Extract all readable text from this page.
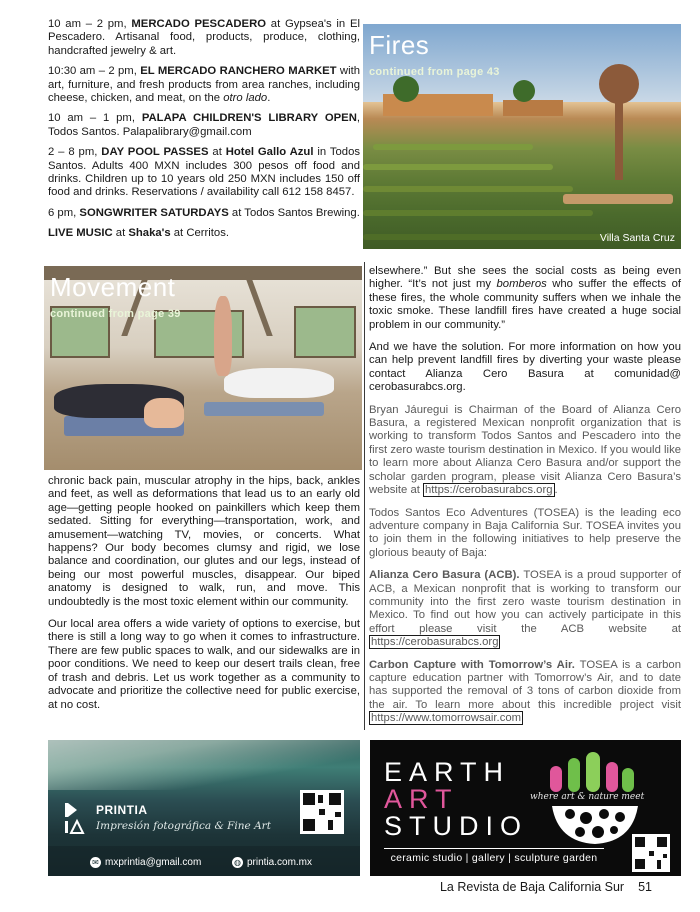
10 am – 2 pm, MERCADO PESCADERO at Gypsea's in El Pescadero. Artisanal food, products, produce, clothing, handcrafted jewelry & art.

10:30 am – 2 pm, EL MERCADO RANCHERO MARKET with art, furniture, and fresh products from area ranches, including cheese, chicken, and meat, on the otro lado.

10 am – 1 pm, PALAPA CHILDREN'S LIBRARY OPEN, Todos Santos. Palapalibrary@gmail.com

2 – 8 pm, DAY POOL PASSES at Hotel Gallo Azul in Todos Santos. Adults 400 MXN includes 300 pesos off food and drinks. Children up to 10 years old 250 MXN includes 150 off food and drinks. Reservations / availability call 612 158 8457.

6 pm, SONGWRITER SATURDAYS at Todos Santos Brewing.

LIVE MUSIC at Shaka's at Cerritos.

Fires
continued from page 43
Villa Santa Cruz
Movement
continued from page 39

chronic back pain, muscular atrophy in the hips, back, ankles and feet, as well as deformations that lead us to an early old age—getting people hooked on painkillers which keep them sedated. Sitting for everything—transportation, work, and amusement—watching TV, movies, or concerts. What happens? Our body becomes clumsy and rigid, we lose balance and coordination, our glutes and our legs, instead of being our most powerful muscles, disappear. Our biped anatomy is designed to walk, run, and move. This undoubtedly is the most toxic element within our community.

Our local area offers a wide variety of options to exercise, but there is still a long way to go when it comes to infrastructure. There are few public spaces to walk, and our sidewalks are in poor conditions. We need to keep our desert trails clean, free of trash and debris. Let us work together as a community to advocate and prioritize the collective need for public exercise, at no cost.

elsewhere.” But she sees the social costs as being even higher. “It’s not just my bomberos who suffer the effects of these fires, the whole community suffers when we inhale the toxic smoke. These landfill fires have created a huge social problem in our community.”

And we have the solution. For more information on how you can help prevent landfill fires by diverting your waste please contact Alianza Cero Basura at comunidad@ cerobasurabcs.org.

Bryan Jáuregui is Chairman of the Board of Alianza Cero Basura, a registered Mexican nonprofit organization that is working to transform Todos Santos and Pescadero into the first zero waste tourism destination in Mexico. If you would like to learn more about Alianza Cero Basura and/or support the scholar garden program, please visit Alianza Cero Basura’s website at https://cerobasurabcs.org .

Todos Santos Eco Adventures (TOSEA) is the leading eco adventure company in Baja California Sur. TOSEA invites you to join them in the following initiatives to help preserve the glorious beauty of Baja:

Alianza Cero Basura (ACB). TOSEA is a proud supporter of ACB, a Mexican nonprofit that is working to transform our community into the first zero waste tourism destination in Mexico. To find out how you can actively participate in this effort please visit the ACB website at https://cerobasurabcs.org

Carbon Capture with Tomorrow’s Air. TOSEA is a carbon capture education partner with Tomorrow’s Air, and to date has supported the removal of 3 tons of carbon dioxide from the air. To learn more about this incredible project visit https://www.tomorrowsair.com

PRINTIA
Impresión fotográfica & Fine Art
✉ mxprintia@gmail.com	◍ printia.com.mx
EARTH
ART
STUDIO
where art & nature meet
ceramic studio | gallery | sculpture garden
La Revista de Baja California Sur 51
